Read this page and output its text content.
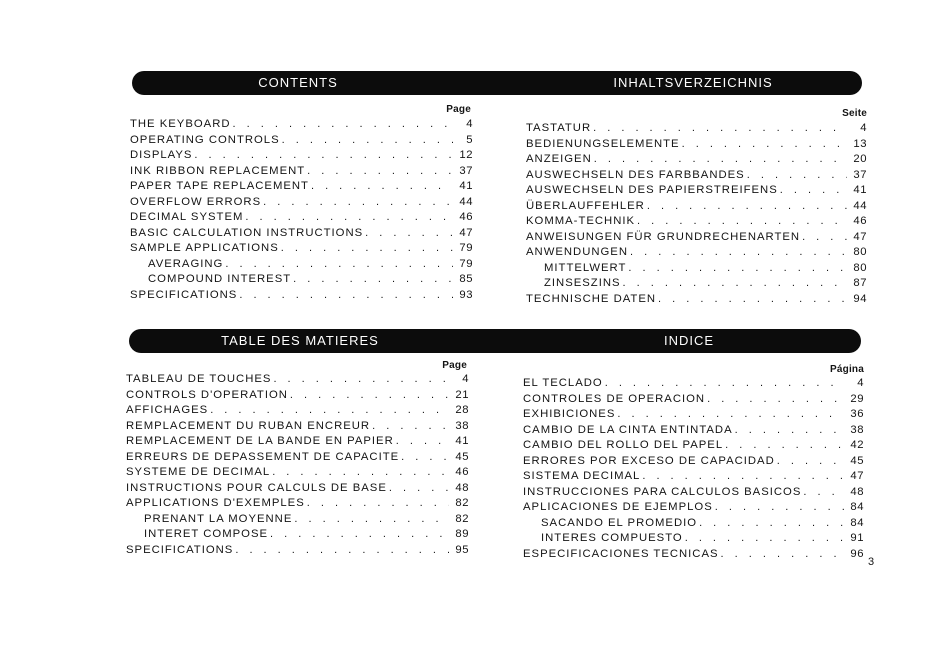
CONTENTS	INHALTSVERZEICHNIS
TABLE DES MATIERES	INDICE
Page
THE KEYBOARD . . .	4
OPERATING CONTROLS . . .	5
DISPLAYS . . .	12
INK RIBBON REPLACEMENT . . .	37
PAPER TAPE REPLACEMENT . . .	41
OVERFLOW ERRORS . . .	44
DECIMAL SYSTEM . . .	46
BASIC CALCULATION INSTRUCTIONS . . .	47
SAMPLE APPLICATIONS . . .	79
AVERAGING . . .	79
COMPOUND INTEREST . . .	85
SPECIFICATIONS . . .	93
Seite
TASTATUR . . .	4
BEDIENUNGSELEMENTE . . .	13
ANZEIGEN . . .	20
AUSWECHSELN DES FARBBANDES . . .	37
AUSWECHSELN DES PAPIERSTREIFENS . . .	41
ÜBERLAUFFEHLER . . .	44
KOMMA-TECHNIK . . .	46
ANWEISUNGEN FÜR GRUNDRECHENARTEN . . .	47
ANWENDUNGEN . . .	80
MITTELWERT . . .	80
ZINSESZINS . . .	87
TECHNISCHE DATEN . . .	94
Page
TABLEAU DE TOUCHES . . .	4
CONTROLS D'OPERATION . . .	21
AFFICHAGES . . .	28
REMPLACEMENT DU RUBAN ENCREUR . . .	38
REMPLACEMENT DE LA BANDE EN PAPIER . . .	41
ERREURS DE DEPASSEMENT DE CAPACITE . . .	45
SYSTEME DE DECIMAL . . .	46
INSTRUCTIONS POUR CALCULS DE BASE . . .	48
APPLICATIONS D'EXEMPLES . . .	82
PRENANT LA MOYENNE . . .	82
INTERET COMPOSE . . .	89
SPECIFICATIONS . . .	95
Página
EL TECLADO . . .	4
CONTROLES DE OPERACION . . .	29
EXHIBICIONES . . .	36
CAMBIO DE LA CINTA ENTINTADA . . .	38
CAMBIO DEL ROLLO DEL PAPEL . . .	42
ERRORES POR EXCESO DE CAPACIDAD . . .	45
SISTEMA DECIMAL . . .	47
INSTRUCCIONES PARA CALCULOS BASICOS . . .	48
APLICACIONES DE EJEMPLOS . . .	84
SACANDO EL PROMEDIO . . .	84
INTERES COMPUESTO . . .	91
ESPECIFICACIONES TECNICAS . . .	96
3
